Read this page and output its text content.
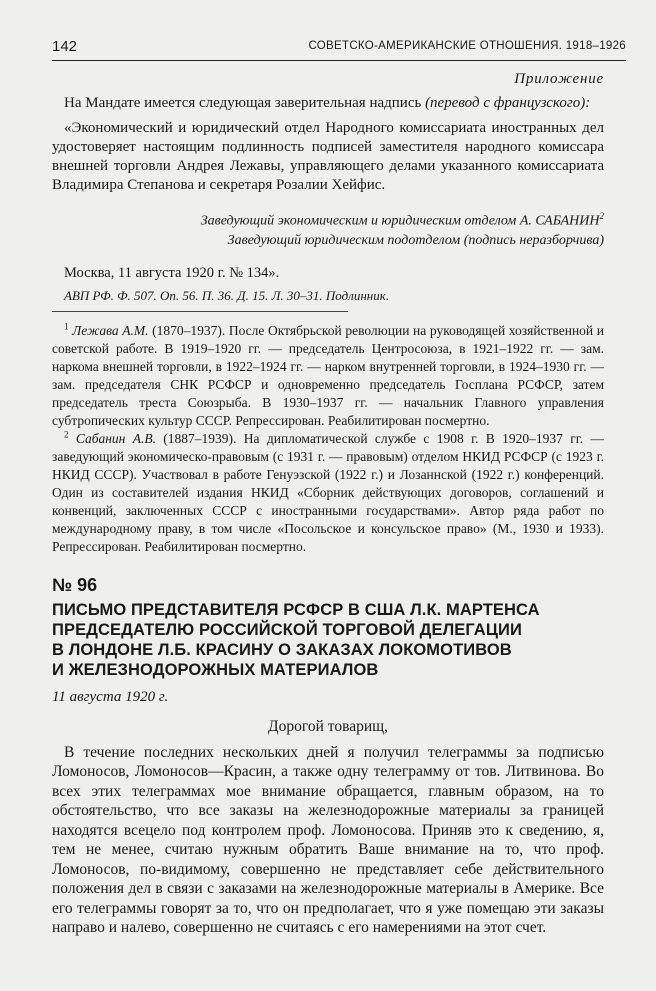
142	СОВЕТСКО-АМЕРИКАНСКИЕ ОТНОШЕНИЯ. 1918–1926

Приложение

На Мандате имеется следующая заверительная надпись (перевод с французского):

«Экономический и юридический отдел Народного комиссариата иностранных дел удостоверяет настоящим подлинность подписей заместителя народного комиссара внешней торговли Андрея Лежавы, управляющего делами указанного комиссариата Владимира Степанова и секретаря Розалии Хейфис.

Заведующий экономическим и юридическим отделом А. САБАНИН$^2$

Заведующий юридическим подотделом (подпись неразборчива)

Москва, 11 августа 1920 г. № 134».

АВП РФ. Ф. 507. Оп. 56. П. 36. Д. 15. Л. 30–31. Подлинник.

$^1$ Лежава А.М. (1870–1937). После Октябрьской революции на руководящей хозяйственной и советской работе. В 1919–1920 гг. — председатель Центросоюза, в 1921–1922 гг. — зам. наркома внешней торговли, в 1922–1924 гг. — нарком внутренней торговли, в 1924–1930 гг. — зам. председателя СНК РСФСР и одновременно председатель Госплана РСФСР, затем председатель треста Союзрыба. В 1930–1937 гг. — начальник Главного управления субтропических культур СССР. Репрессирован. Реабилитирован посмертно.

$^2$ Сабанин А.В. (1887–1939). На дипломатической службе с 1908 г. В 1920–1937 гг. — заведующий экономическо-правовым (с 1931 г. — правовым) отделом НКИД РСФСР (с 1923 г. НКИД СССР). Участвовал в работе Генуэзской (1922 г.) и Лозаннской (1922 г.) конференций. Один из составителей издания НКИД «Сборник действующих договоров, соглашений и конвенций, заключенных СССР с иностранными государствами». Автор ряда работ по международному праву, в том числе «Посольское и консульское право» (М., 1930 и 1933). Репрессирован. Реабилитирован посмертно.

№ 96

ПИСЬМО ПРЕДСТАВИТЕЛЯ РСФСР В США Л.К. МАРТЕНСА
ПРЕДСЕДАТЕЛЮ РОССИЙСКОЙ ТОРГОВОЙ ДЕЛЕГАЦИИ
В ЛОНДОНЕ Л.Б. КРАСИНУ О ЗАКАЗАХ ЛОКОМОТИВОВ
И ЖЕЛЕЗНОДОРОЖНЫХ МАТЕРИАЛОВ

11 августа 1920 г.

Дорогой товарищ,

В течение последних нескольких дней я получил телеграммы за подписью Ломоносов, Ломоносов—Красин, а также одну телеграмму от тов. Литвинова. Во всех этих телеграммах мое внимание обращается, главным образом, на то обстоятельство, что все заказы на железнодорожные материалы за границей находятся всецело под контролем проф. Ломоносова. Приняв это к сведению, я, тем не менее, считаю нужным обратить Ваше внимание на то, что проф. Ломоносов, по-видимому, совершенно не представляет себе действительного положения дел в связи с заказами на железнодорожные материалы в Америке. Все его телеграммы говорят за то, что он предполагает, что я уже помещаю эти заказы направо и налево, совершенно не считаясь с его намерениями на этот счет.
